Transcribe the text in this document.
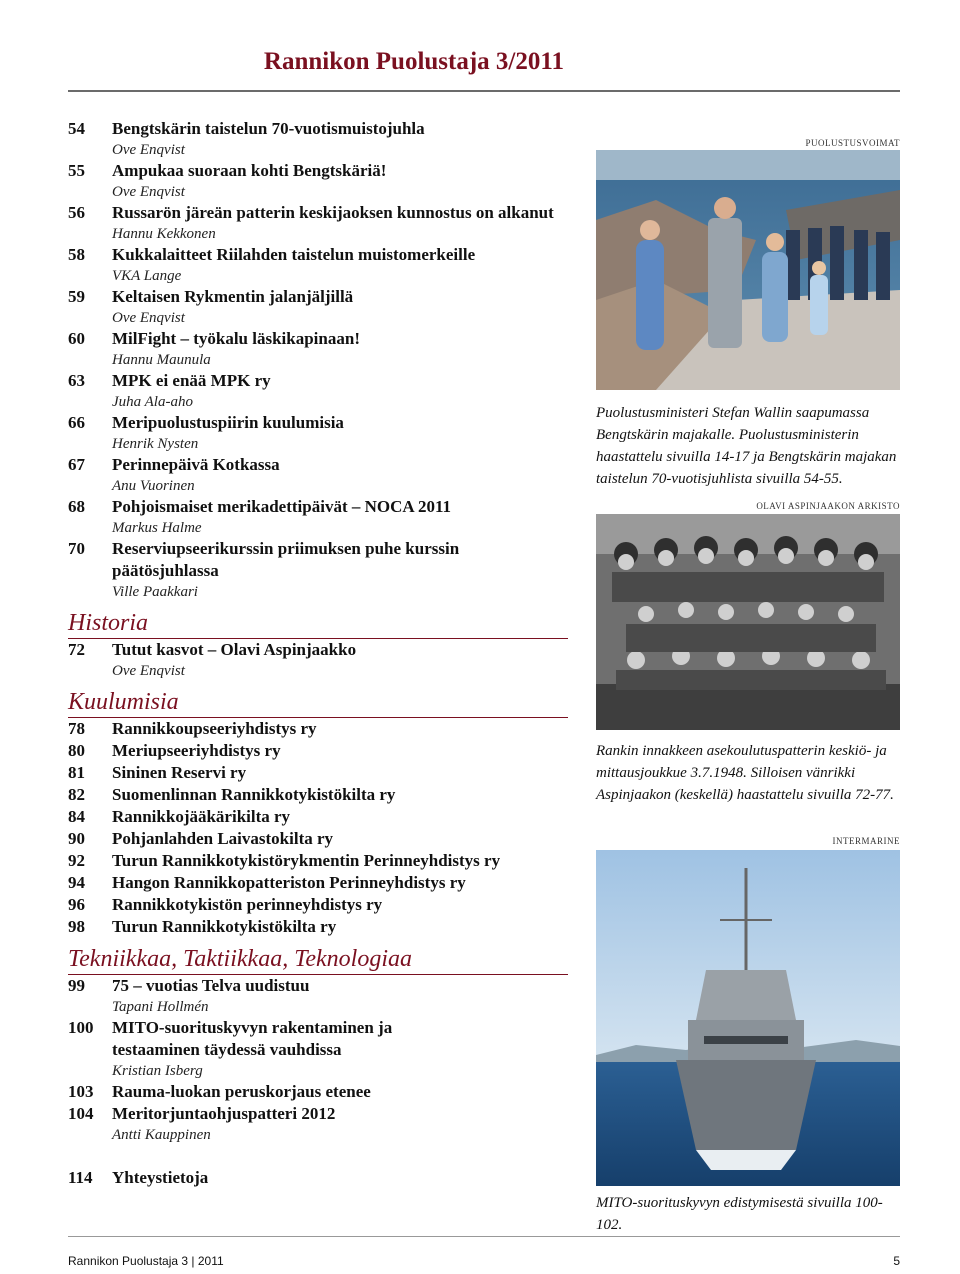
Rannikon Puolustaja 3/2011
54	Bengtskärin taistelun 70-vuotismuistojuhla
Ove Enqvist
55	Ampukaa suoraan kohti Bengtskäriä!
Ove Enqvist
56	Russarön järeän patterin keskijaoksen kunnostus on alkanut
Hannu Kekkonen
58	Kukkalaitteet Riilahden taistelun muistomerkeille
VKA Lange
59	Keltaisen Rykmentin jalanjäljillä
Ove Enqvist
60	MilFight – työkalu läskikapinaan!
Hannu Maunula
63	MPK ei enää MPK ry
Juha Ala-aho
66	Meripuolustuspiirin kuulumisia
Henrik Nysten
67	Perinnepäivä Kotkassa
Anu Vuorinen
68	Pohjoismaiset merikadettipäivät – NOCA 2011
Markus Halme
70	Reserviupseerikurssin priimuksen puhe kurssin päätösjuhlassa
Ville Paakkari
Historia
72	Tutut kasvot – Olavi Aspinjaakko
Ove Enqvist
Kuulumisia
78	Rannikkoupseeriyhdistys ry
80	Meriupseeriyhdistys ry
81	Sininen Reservi ry
82	Suomenlinnan Rannikkotykistökilta ry
84	Rannikkojääkärikilta ry
90	Pohjanlahden Laivastokilta ry
92	Turun Rannikkotykistörykmentin Perinneyhdistys ry
94	Hangon Rannikkopatteriston Perinneyhdistys ry
96	Rannikkotykistön perinneyhdistys ry
98	Turun Rannikkotykistökilta ry
Tekniikkaa, Taktiikkaa, Teknologiaa
99	75 – vuotias Telva uudistuu
Tapani Hollmén
100	MITO-suorituskyvyn rakentaminen ja testaaminen täydessä vauhdissa
Kristian Isberg
103	Rauma-luokan peruskorjaus etenee
104	Meritorjuntaohjuspatteri 2012
Antti Kauppinen
114	Yhteystietoja
PUOLUSTUSVOIMAT
Puolustusministeri Stefan Wallin saapumassa Bengtskärin majakalle. Puolustusministerin haastattelu sivuilla 14-17 ja Bengtskärin majakan taistelun 70-vuotisjuhlista sivuilla 54-55.
OLAVI ASPINJAAKON ARKISTO
Rankin innakkeen asekoulutuspatterin keskiö- ja mittausjoukkue 3.7.1948. Silloisen vänrikki Aspinjaakon (keskellä) haastattelu sivuilla 72-77.
INTERMARINE
MITO-suorituskyvyn edistymisestä sivuilla 100-102.
Rannikon Puolustaja 3 | 2011	5
